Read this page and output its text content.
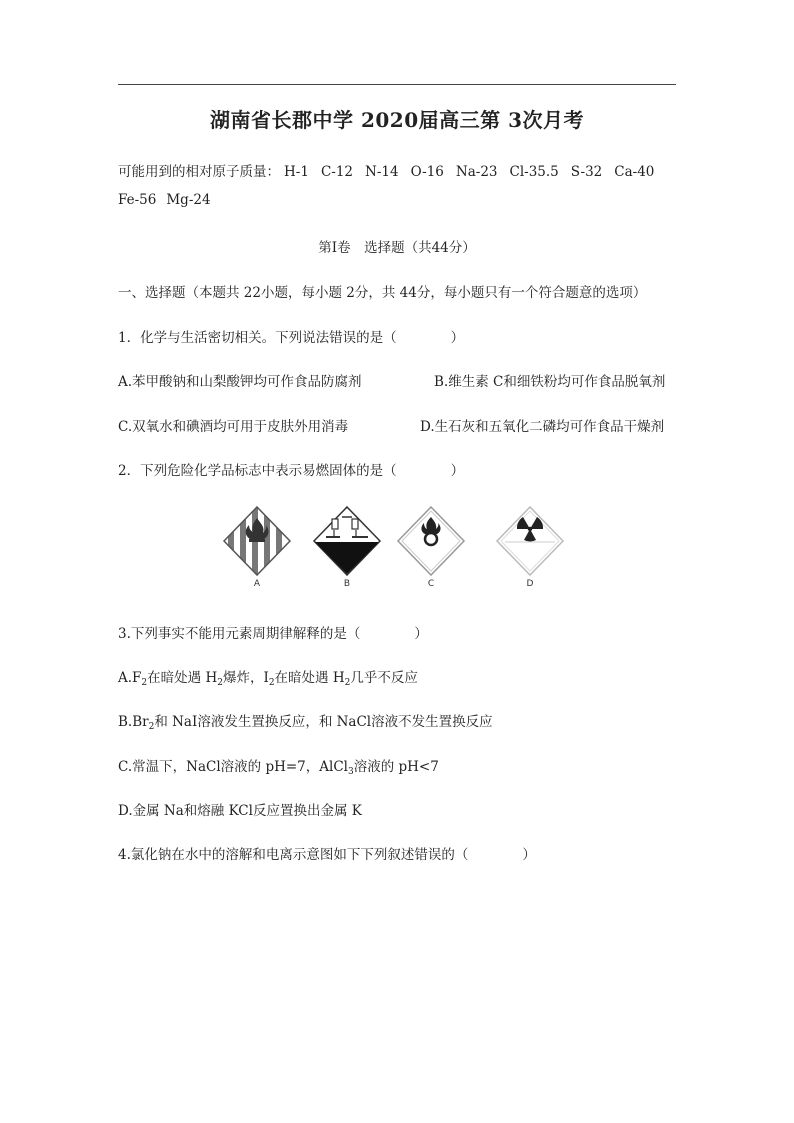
湖南省长郡中学 2020届高三第 3次月考
可能用到的相对原子质量： H-1 C-12 N-14 O-16 Na-23 Cl-35.5 S-32 Ca-40
Fe-56 Mg-24
第Ⅰ卷　选择题（共44分）
一、选择题（本题共 22小题，每小题 2分，共 44分，每小题只有一个符合题意的选项）
1．化学与生活密切相关。下列说法错误的是（　　　　）
A.苯甲酸钠和山梨酸钾均可作食品防腐剂	B.维生素 C和细铁粉均可作食品脱氧剂
C.双氧水和碘酒均可用于皮肤外用消毒	D.生石灰和五氧化二磷均可作食品干燥剂
2．下列危险化学品标志中表示易燃固体的是（　　　　）
A	B	C	D
3.下列事实不能用元素周期律解释的是（　　　　）
$A.F_2$在暗处遇 $H_2$爆炸，$I_2$在暗处遇 $H_2$几乎不反应
$B.Br_2$和 NaI溶液发生置换反应，和 NaCl溶液不发生置换反应
C.常温下，NaCl溶液的 pH=7，AlCl$_3$溶液的 pH<7
D.金属 Na和熔融 KCl反应置换出金属 K
4.氯化钠在水中的溶解和电离示意图如下下列叙述错误的（　　　　）
